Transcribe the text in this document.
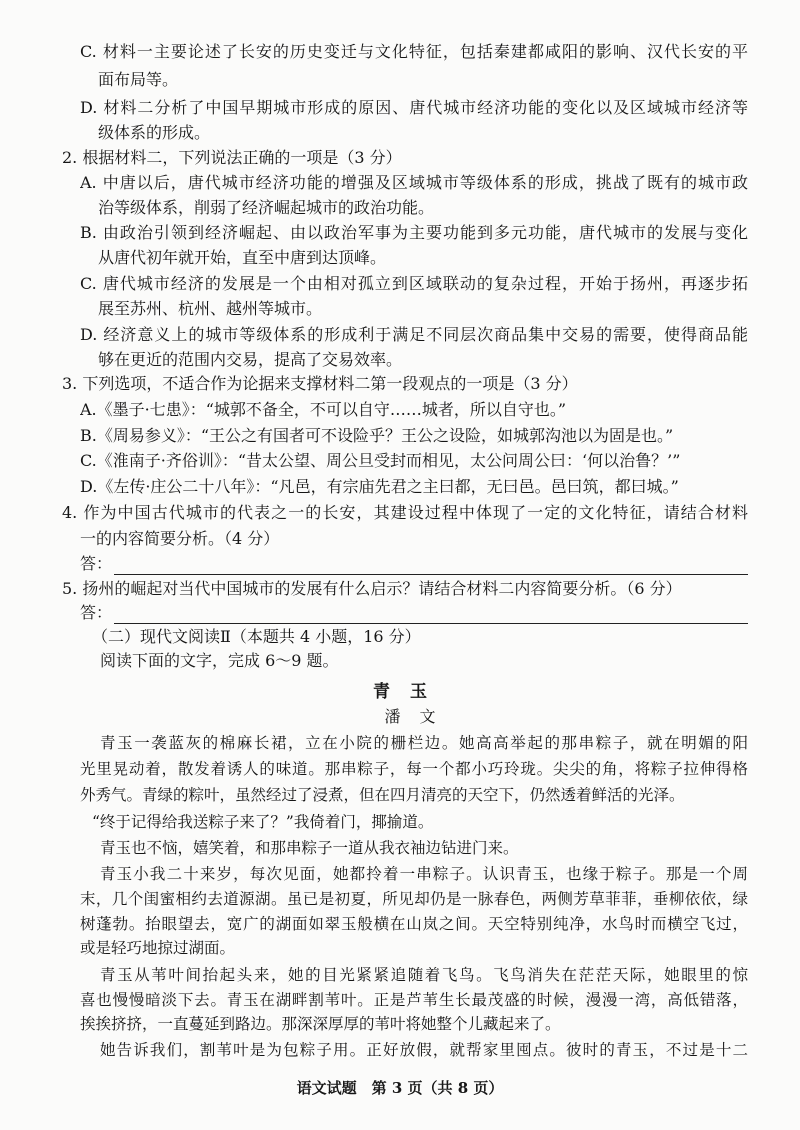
C. 材料一主要论述了长安的历史变迁与文化特征，包括秦建都咸阳的影响、汉代长安的平
面布局等。
D. 材料二分析了中国早期城市形成的原因、唐代城市经济功能的变化以及区域城市经济等
级体系的形成。
2. 根据材料二，下列说法正确的一项是（3 分）
A. 中唐以后，唐代城市经济功能的增强及区域城市等级体系的形成，挑战了既有的城市政
治等级体系，削弱了经济崛起城市的政治功能。
B. 由政治引领到经济崛起、由以政治军事为主要功能到多元功能，唐代城市的发展与变化
从唐代初年就开始，直至中唐到达顶峰。
C. 唐代城市经济的发展是一个由相对孤立到区域联动的复杂过程，开始于扬州，再逐步拓
展至苏州、杭州、越州等城市。
D. 经济意义上的城市等级体系的形成利于满足不同层次商品集中交易的需要，使得商品能
够在更近的范围内交易，提高了交易效率。
3. 下列选项，不适合作为论据来支撑材料二第一段观点的一项是（3 分）
A.《墨子·七患》：“城郭不备全，不可以自守……城者，所以自守也。”
B.《周易参义》：“王公之有国者可不设险乎？王公之设险，如城郭沟池以为固是也。”
C.《淮南子·齐俗训》：“昔太公望、周公旦受封而相见，太公问周公曰：‘何以治鲁？’”
D.《左传·庄公二十八年》：“凡邑，有宗庙先君之主曰都，无曰邑。邑曰筑，都曰城。”
4. 作为中国古代城市的代表之一的长安，其建设过程中体现了一定的文化特征，请结合材料
一的内容简要分析。（4 分）
答：
5. 扬州的崛起对当代中国城市的发展有什么启示？请结合材料二内容简要分析。（6 分）
答：
（二）现代文阅读Ⅱ（本题共 4 小题，16 分）
阅读下面的文字，完成 6～9 题。
青 玉
潘 文
青玉一袭蓝灰的棉麻长裙，立在小院的栅栏边。她高高举起的那串粽子，就在明媚的阳
光里晃动着，散发着诱人的味道。那串粽子，每一个都小巧玲珑。尖尖的角，将粽子拉伸得格
外秀气。青绿的粽叶，虽然经过了浸煮，但在四月清亮的天空下，仍然透着鲜活的光泽。
“终于记得给我送粽子来了？”我倚着门，揶揄道。
青玉也不恼，嬉笑着，和那串粽子一道从我衣袖边钻进门来。
青玉小我二十来岁，每次见面，她都拎着一串粽子。认识青玉，也缘于粽子。那是一个周
末，几个闺蜜相约去道源湖。虽已是初夏，所见却仍是一脉春色，两侧芳草菲菲，垂柳依依，绿
树蓬勃。抬眼望去，宽广的湖面如翠玉般横在山岚之间。天空特别纯净，水鸟时而横空飞过，
或是轻巧地掠过湖面。
青玉从苇叶间抬起头来，她的目光紧紧追随着飞鸟。飞鸟消失在茫茫天际，她眼里的惊
喜也慢慢暗淡下去。青玉在湖畔割苇叶。正是芦苇生长最茂盛的时候，漫漫一湾，高低错落，
挨挨挤挤，一直蔓延到路边。那深深厚厚的苇叶将她整个儿藏起来了。
她告诉我们，割苇叶是为包粽子用。正好放假，就帮家里囤点。彼时的青玉，不过是十二
语文试题　第 3 页（共 8 页）
